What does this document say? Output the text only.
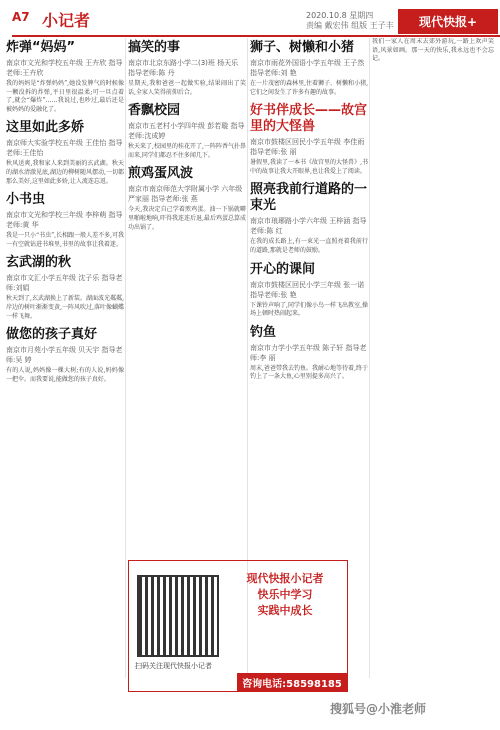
A7 小记者	2020.10.8 星期四
责编 戴宏伟 组版 王子丰	现代快报+
炸弹“妈妈”
南京市文光和学校五年级 王卉欣 指导老师:王卉欣
我的妈妈是“炸弹妈妈”,她没发脾气的时候像一颗没拆的炸弹,平日里很温柔;可一旦点着了,就会“爆炸”……我说过,也吵过,最后还是被妈妈的爱融化了。
这里如此多娇
南京师大实验学校五年级 王佳怡 指导老师:王佳怡
秋风送爽,我和家人来到美丽的玄武湖。秋天的湖水清澈见底,湖边的柳树随风摆动,一切都那么美好,这里如此多娇,让人流连忘返。
小书虫
南京市文光和学校三年级 李梓萌 指导老师:黄 华
我是一只小“书虫”,长相跟一般人差不多,可我一有空就钻进书堆里,书里的故事让我着迷。
玄武湖的秋
南京市文汇小学五年级 沈子乐 指导老师:刘娟
秋天到了,玄武湖换上了新装。湖面波光粼粼,岸边的树叶渐渐变黄,一阵风吹过,落叶像蝴蝶一样飞舞。
做您的孩子真好
南京市月苑小学五年级 贝天宇 指导老师:吴 婷
有的人说,妈妈像一棵大树;有的人说,妈妈像一把伞。而我要说,能做您的孩子真好。
搞笑的事
南京市北京东路小学二(3)班 杨天乐 指导老师:陈 丹
星期天,我和爸爸一起做实验,结果闹出了笑话,全家人笑得前仰后合。
香飘校园
南京市五老村小学四年级 彭若璇 指导老师:沈成婷
秋天来了,校园里的桂花开了,一阵阵香气扑鼻而来,同学们都忍不住多闻几下。
煎鸡蛋风波
南京市南京师范大学附属小学 六年级 严家丽 指导老师:张 燕
今天,我决定自己学着煎鸡蛋。油一下锅就噼里啪啦地响,吓得我连连后退,最后鸡蛋总算成功出锅了。
狮子、树懒和小猪
南京市雨花外国语小学五年级 王子然 指导老师:刘 艳
在一片茂密的森林里,住着狮子、树懒和小猪,它们之间发生了许多有趣的故事。
好书伴成长——故宫里的大怪兽
南京市鼓楼区回民小学五年级 李佳雨 指导老师:张 丽
暑假里,我读了一本书《故宫里的大怪兽》,书中的故事让我大开眼界,也让我爱上了阅读。
照亮我前行道路的一束光
南京市琅琊路小学六年级 王梓涵 指导老师:陈 红
在我的成长路上,有一束光一直照亮着我前行的道路,那就是老师的鼓励。
开心的课间
南京市鼓楼区回民小学三年级 张一诺 指导老师:张 艳
下课铃声响了,同学们像小鸟一样飞出教室,操场上顿时热闹起来。
钓鱼
南京市力学小学五年级 陈子轩 指导老师:李 丽
周末,爸爸带我去钓鱼。我耐心地等待着,终于钓上了一条大鱼,心里别提多高兴了。
我们一家人在周末去郊外游玩,一路上欢声笑语,风景如画。那一天的快乐,我永远也不会忘记。
现代快报小记者
快乐中学习
实践中成长
扫码关注现代快报小记者
咨询电话:58598185
搜狐号@小淮老师
